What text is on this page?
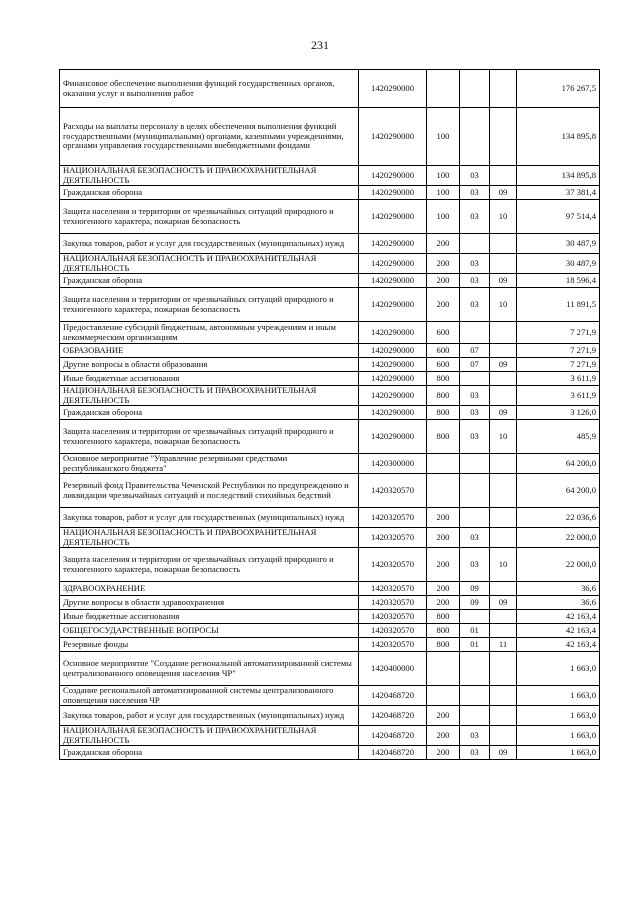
231
Финансовое обеспечение выполнения функций государственных органов, оказания услуг и выполнения работ	1420290000				176 267,5
Расходы на выплаты персоналу в целях обеспечения выполнения функций государственными (муниципальными) органами, казенными учреждениями, органами управления государственными внебюджетными фондами	1420290000	100			134 895,8
НАЦИОНАЛЬНАЯ БЕЗОПАСНОСТЬ И ПРАВООХРАНИТЕЛЬНАЯ ДЕЯТЕЛЬНОСТЬ	1420290000	100	03		134 895,8
Гражданская оборона	1420290000	100	03	09	37 381,4
Защита населения и территории от чрезвычайных ситуаций природного и техногенного характера, пожарная безопасность	1420290000	100	03	10	97 514,4
Закупка товаров, работ и услуг для государственных (муниципальных) нужд	1420290000	200			30 487,9
НАЦИОНАЛЬНАЯ БЕЗОПАСНОСТЬ И ПРАВООХРАНИТЕЛЬНАЯ ДЕЯТЕЛЬНОСТЬ	1420290000	200	03		30 487,9
Гражданская оборона	1420290000	200	03	09	18 596,4
Защита населения и территории от чрезвычайных ситуаций природного и техногенного характера, пожарная безопасность	1420290000	200	03	10	11 891,5
Предоставление субсидий бюджетным, автономным учреждениям и иным некоммерческим организациям	1420290000	600			7 271,9
ОБРАЗОВАНИЕ	1420290000	600	07		7 271,9
Другие вопросы в области образования	1420290000	600	07	09	7 271,9
Иные бюджетные ассигнования	1420290000	800			3 611,9
НАЦИОНАЛЬНАЯ БЕЗОПАСНОСТЬ И ПРАВООХРАНИТЕЛЬНАЯ ДЕЯТЕЛЬНОСТЬ	1420290000	800	03		3 611,9
Гражданская оборона	1420290000	800	03	09	3 126,0
Защита населения и территории от чрезвычайных ситуаций природного и техногенного характера, пожарная безопасность	1420290000	800	03	10	485,9
Основное мероприятие "Управление резервными средствами республиканского бюджета"	1420300000				64 200,0
Резервный фонд Правительства Чеченской Республики по предупреждению и ликвидации чрезвычайных ситуаций и последствий стихийных бедствий	1420320570				64 200,0
Закупка товаров, работ и услуг для государственных (муниципальных) нужд	1420320570	200			22 036,6
НАЦИОНАЛЬНАЯ БЕЗОПАСНОСТЬ И ПРАВООХРАНИТЕЛЬНАЯ ДЕЯТЕЛЬНОСТЬ	1420320570	200	03		22 000,0
Защита населения и территории от чрезвычайных ситуаций природного и техногенного характера, пожарная безопасность	1420320570	200	03	10	22 000,0
ЗДРАВООХРАНЕНИЕ	1420320570	200	09		36,6
Другие вопросы в области здравоохранения	1420320570	200	09	09	36,6
Иные бюджетные ассигнования	1420320570	800			42 163,4
ОБЩЕГОСУДАРСТВЕННЫЕ ВОПРОСЫ	1420320570	800	01		42 163,4
Резервные фонды	1420320570	800	01	11	42 163,4
Основное мероприятие "Создание региональной автоматизированной системы централизованного оповещения населения ЧР"	1420400000				1 663,0
Создание региональной автоматизированной системы централизованного оповещения населения ЧР	1420468720				1 663,0
Закупка товаров, работ и услуг для государственных (муниципальных) нужд	1420468720	200			1 663,0
НАЦИОНАЛЬНАЯ БЕЗОПАСНОСТЬ И ПРАВООХРАНИТЕЛЬНАЯ ДЕЯТЕЛЬНОСТЬ	1420468720	200	03		1 663,0
Гражданская оборона	1420468720	200	03	09	1 663,0
